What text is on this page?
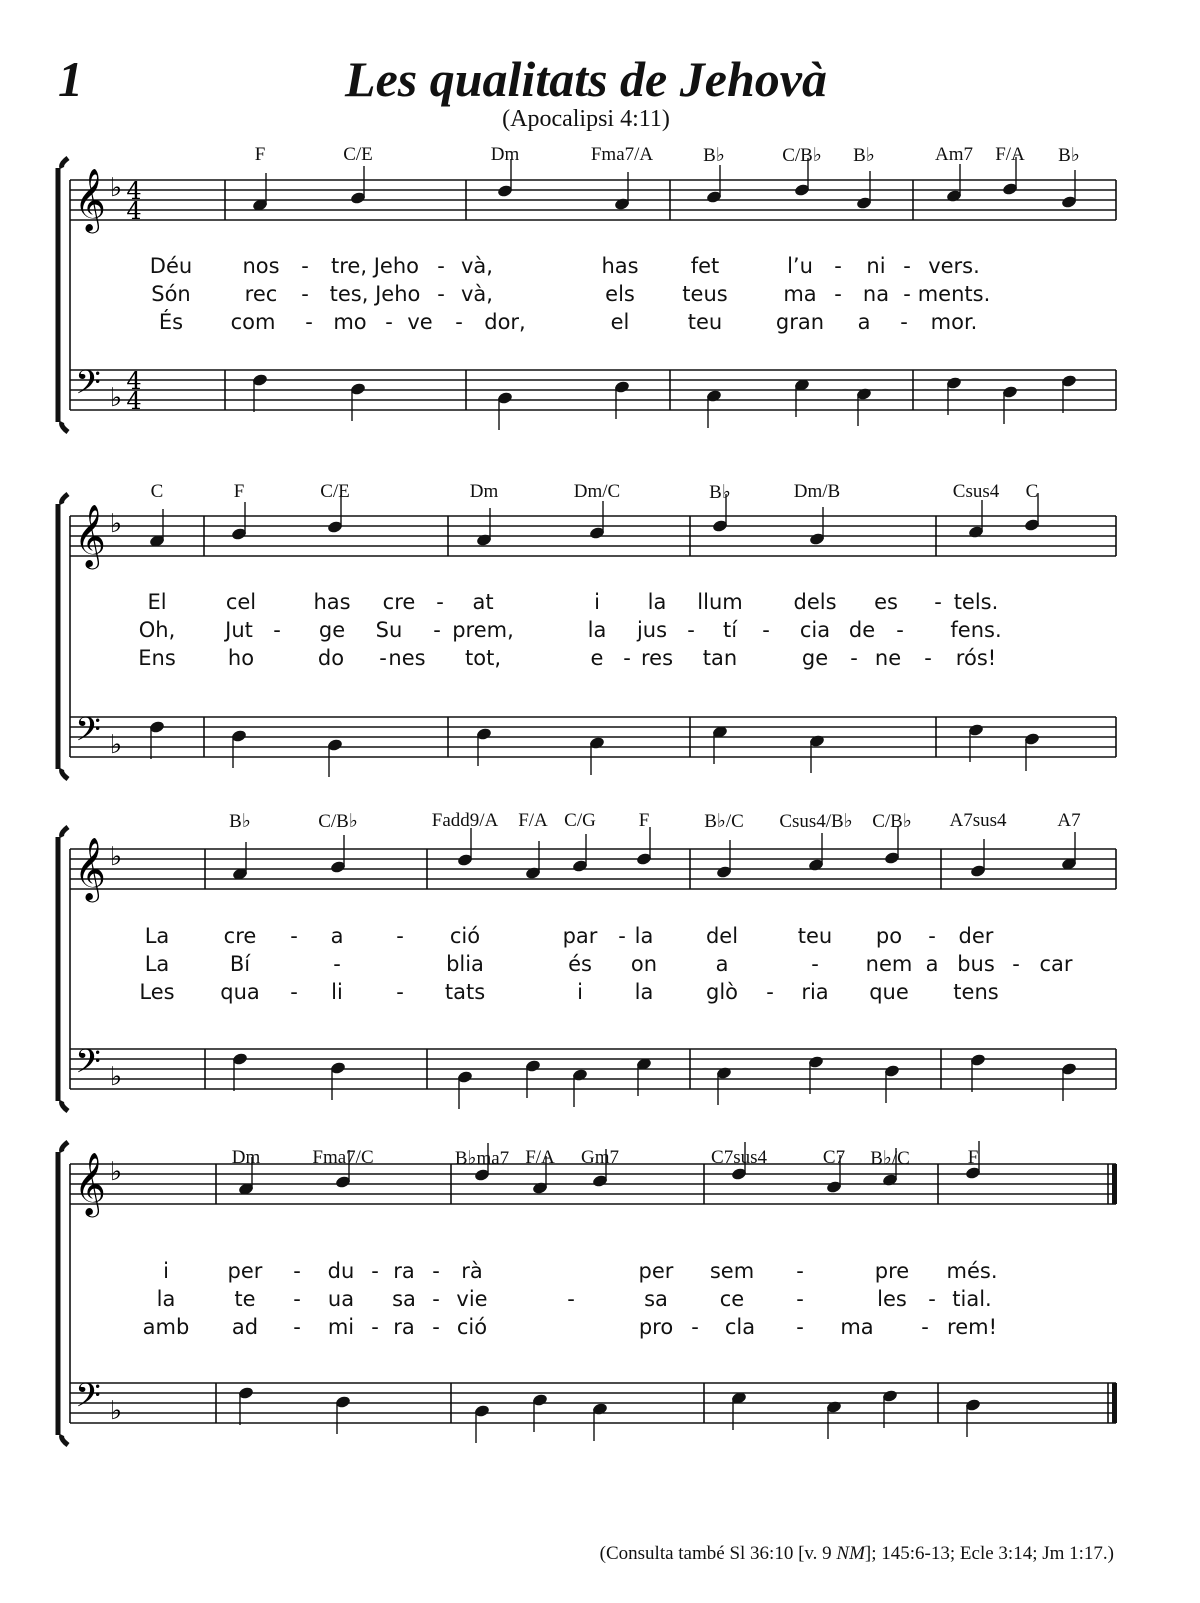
1	Les qualitats de Jehovà
(Apocalipsi 4:11)
𝄞 ♭ 4
4
𝄢 ♭
4
4
𝄞 ♭
𝄢 ♭
𝄞 ♭
𝄢 ♭
𝄞 ♭
𝄢 ♭
F	C/E	Dm	Fma7/A	B♭	C/B♭ B♭	Am7 F/A B♭
C	F	C/E	Dm	Dm/C	B♭	Dm/B	Csus4 C
B♭	C/B♭	Fadd9/A F/A C/G F	B♭/C Csus4/B♭ C/B♭ A7sus4	A7
Dm	Fma7/C	B♭ma7 F/A Gm7	C7sus4	C7 B♭/C	F
Déu nos - tre, Jeho - và,	has fet	l’u - ni - vers.
Són	rec - tes, Jeho - và,	els teus	ma - na - ments.
És com - mo - ve - dor,	el	teu	gran a - mor.
El	cel	has cre - at	i la llum dels es - tels.
Oh, Jut - ge Su - prem,	la jus - tí - cia de - fens.
Ens ho	do - nes tot,	e - res tan	ge - ne - rós!
La	cre - a	- ció	par - la	del	teu po - der
La	Bí	-	blia	és on	a	- nem a bus - car
Les qua - li	- tats	i la	glò - ria que tens
i	per - du - ra - rà	per sem -	pre més.
la	te - ua sa - vie	-	sa ce -	les - tial.
amb ad - mi - ra - ció	pro - cla - ma - rem!
(Consulta també Sl 36:10 [v. 9 NM]; 145:6-13; Ecle 3:14; Jm 1:17.)
